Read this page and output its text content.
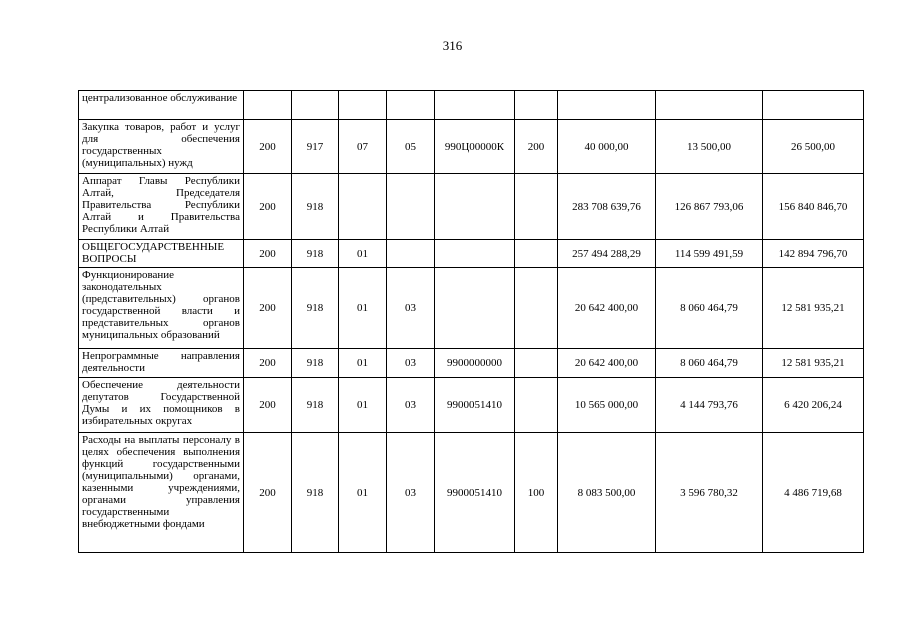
316
централизованное обслуживание									
Закупка товаров, работ и услуг для обеспечения государственных (муниципальных) нужд	200	917	07	05	990Ц00000К	200	40 000,00	13 500,00	26 500,00
Аппарат Главы Республики Алтай, Председателя Правительства Республики Алтай и Правительства Республики Алтай	200	918					283 708 639,76	126 867 793,06	156 840 846,70
ОБЩЕГОСУДАРСТВЕННЫЕ ВОПРОСЫ	200	918	01				257 494 288,29	114 599 491,59	142 894 796,70
Функционирование законодательных (представительных) органов государственной власти и представительных органов муниципальных образований	200	918	01	03			20 642 400,00	8 060 464,79	12 581 935,21
Непрограммные направления деятельности	200	918	01	03	9900000000		20 642 400,00	8 060 464,79	12 581 935,21
Обеспечение деятельности депутатов Государственной Думы и их помощников в избирательных округах	200	918	01	03	9900051410		10 565 000,00	4 144 793,76	6 420 206,24
Расходы на выплаты персоналу в целях обеспечения выполнения функций государственными (муниципальными) органами, казенными учреждениями, органами управления государственными внебюджетными фондами	200	918	01	03	9900051410	100	8 083 500,00	3 596 780,32	4 486 719,68
